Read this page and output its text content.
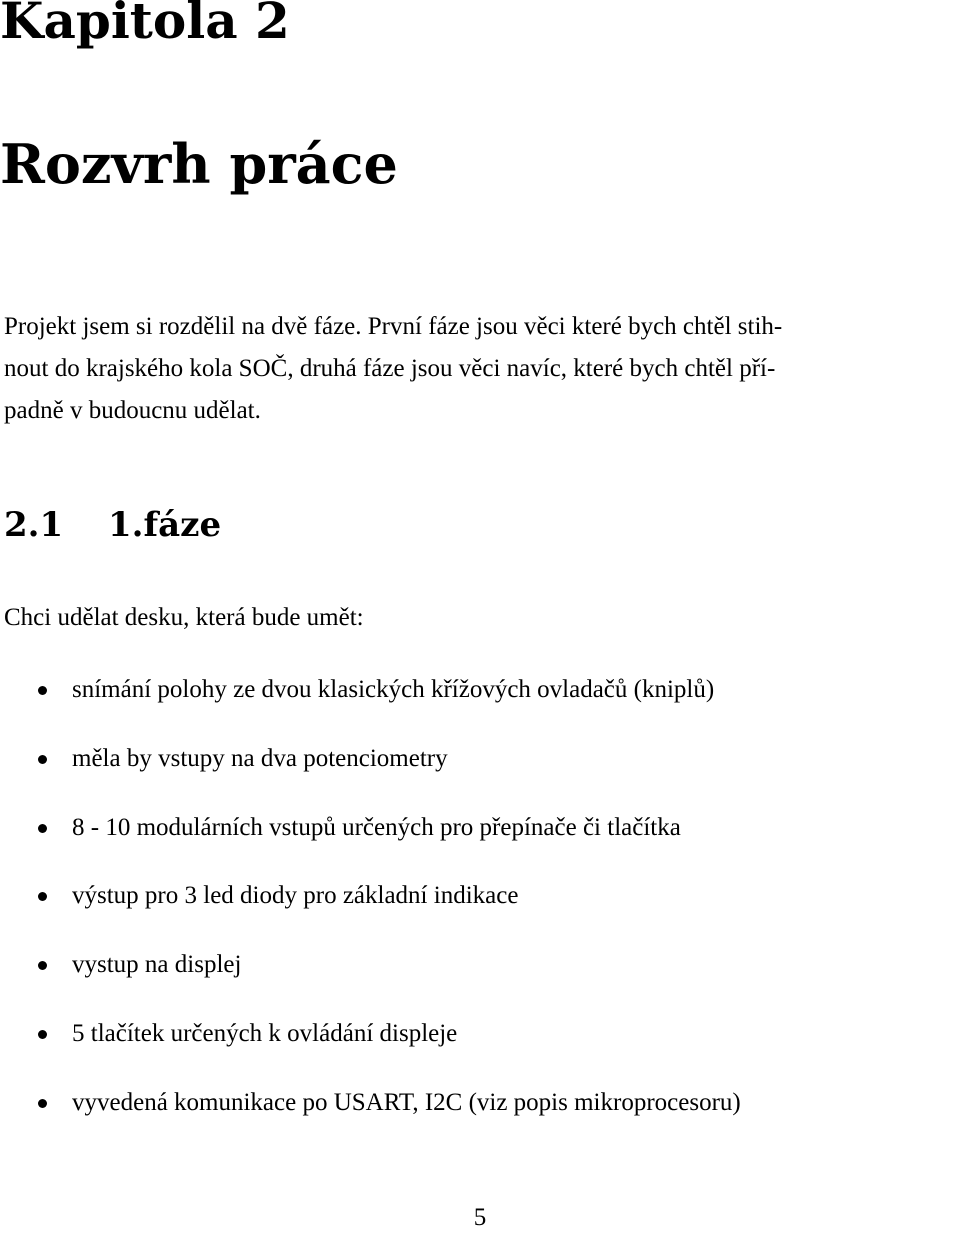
Kapitola 2
Rozvrh práce

Projekt jsem si rozdělil na dvě fáze. První fáze jsou věci které bych chtěl stih-
nout do krajského kola SOČ, druhá fáze jsou věci navíc, které bych chtěl pří-
padně v budoucnu udělat.

2.1 1.fáze

Chci udělat desku, která bude umět:

snímání polohy ze dvou klasických křížových ovladačů (kniplů)
měla by vstupy na dva potenciometry
8 - 10 modulárních vstupů určených pro přepínače či tlačítka
výstup pro 3 led diody pro základní indikace
vystup na displej
5 tlačítek určených k ovládání displeje
vyvedená komunikace po USART, I2C (viz popis mikroprocesoru)
5
